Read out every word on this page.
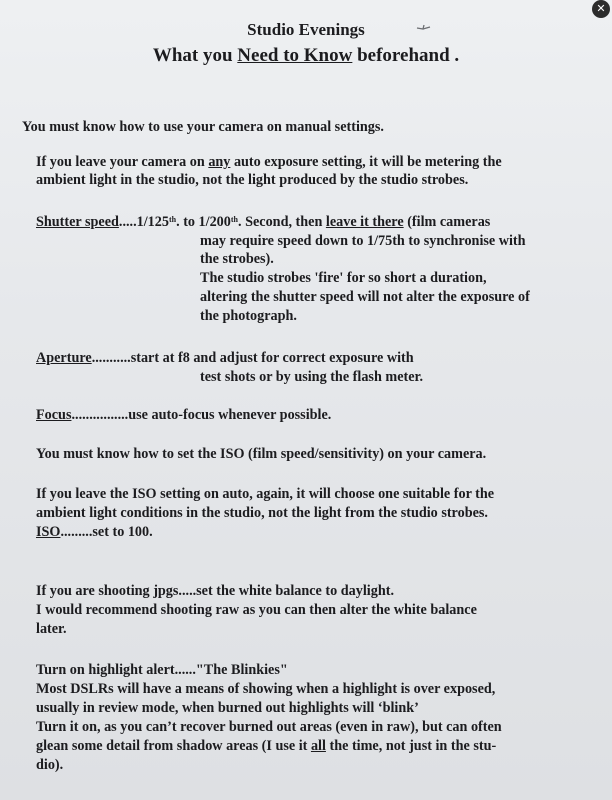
✕
Studio Evenings
What you Need to Know beforehand .
You must know how to use your camera on manual settings.
If you leave your camera on any auto exposure setting, it will be metering the
ambient light in the studio, not the light produced by the studio strobes.
Shutter speed.....1/125th. to 1/200th. Second, then leave it there (film cameras
may require speed down to 1/75th to synchronise with
the strobes).
The studio strobes 'fire' for so short a duration,
altering the shutter speed will not alter the exposure of
the photograph.
Aperture...........start at f8 and adjust for correct exposure with
test shots or by using the flash meter.
Focus................use auto-focus whenever possible.
You must know how to set the ISO (film speed/sensitivity) on your camera.
If you leave the ISO setting on auto, again, it will choose one suitable for the
ambient light conditions in the studio, not the light from the studio strobes.
ISO.........set to 100.
If you are shooting jpgs.....set the white balance to daylight.
I would recommend shooting raw as you can then alter the white balance
later.
Turn on highlight alert......"The Blinkies"
Most DSLRs will have a means of showing when a highlight is over exposed,
usually in review mode, when burned out highlights will ‘blink’
Turn it on, as you can’t recover burned out areas (even in raw), but can often
glean some detail from shadow areas (I use it all the time, not just in the stu-
dio).
